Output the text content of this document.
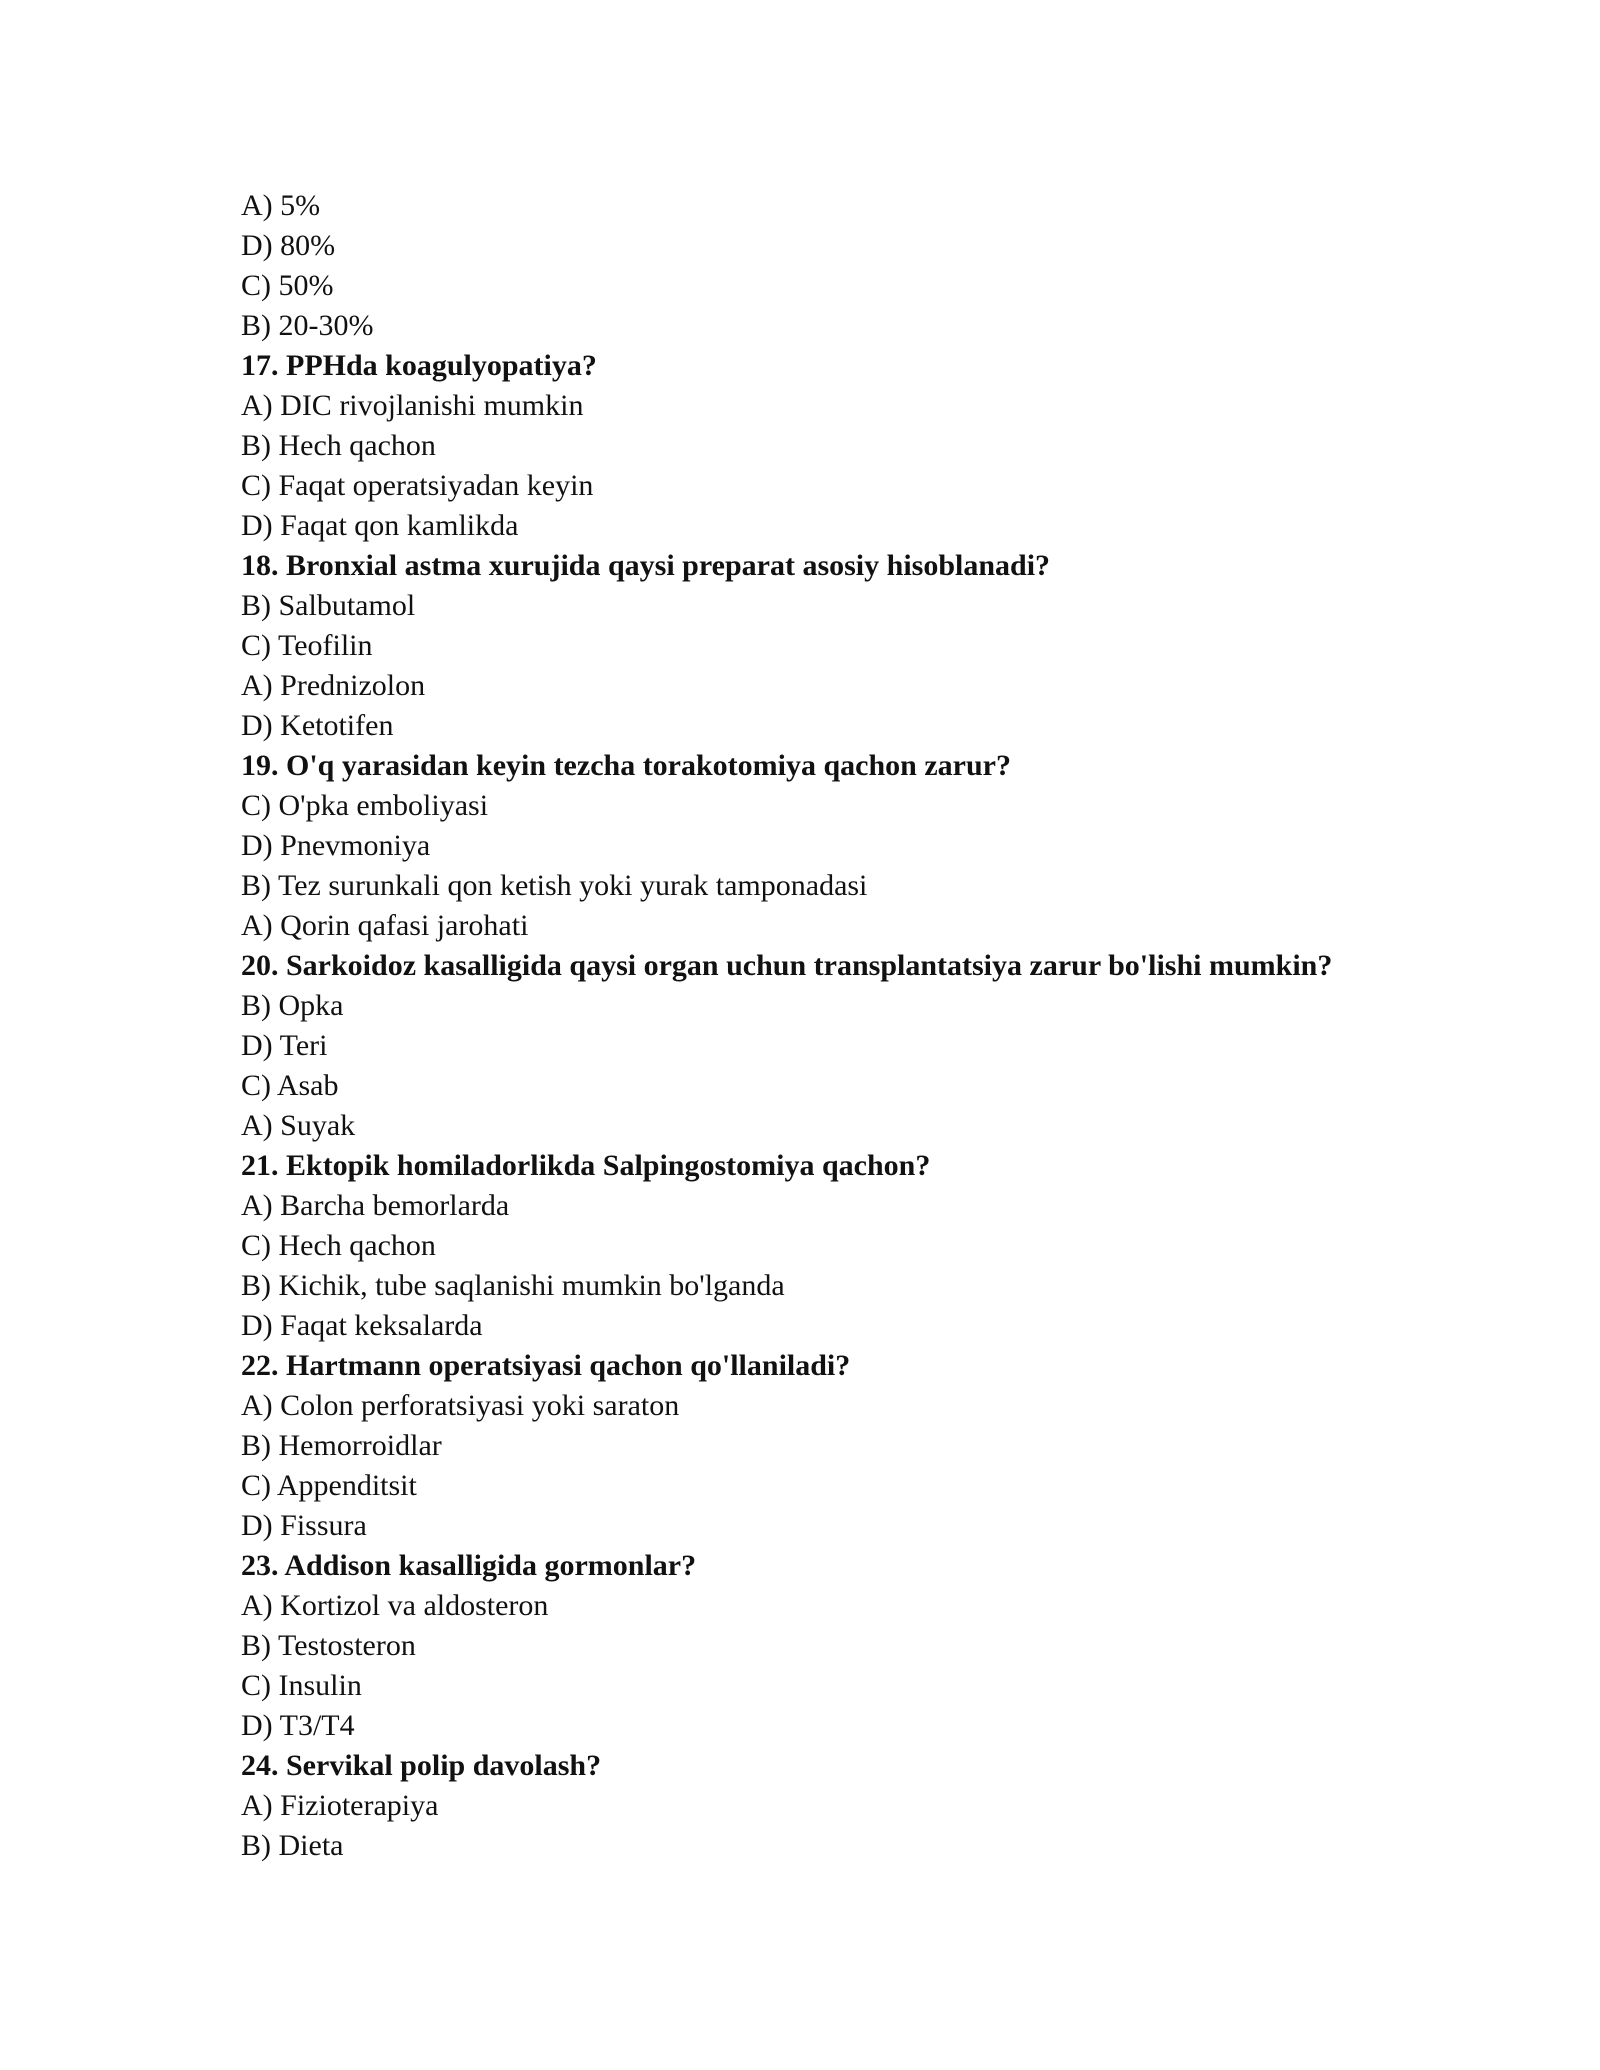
A) 5%
D) 80%
C) 50%
B) 20-30%
17. PPHda koagulyopatiya?
A) DIC rivojlanishi mumkin
B) Hech qachon
C) Faqat operatsiyadan keyin
D) Faqat qon kamlikda
18. Bronxial astma xurujida qaysi preparat asosiy hisoblanadi?
B) Salbutamol
C) Teofilin
A) Prednizolon
D) Ketotifen
19. O'q yarasidan keyin tezcha torakotomiya qachon zarur?
C) O'pka emboliyasi
D) Pnevmoniya
B) Tez surunkali qon ketish yoki yurak tamponadasi
A) Qorin qafasi jarohati
20. Sarkoidoz kasalligida qaysi organ uchun transplantatsiya zarur bo'lishi mumkin?
B) Opka
D) Teri
C) Asab
A) Suyak
21. Ektopik homiladorlikda Salpingostomiya qachon?
A) Barcha bemorlarda
C) Hech qachon
B) Kichik, tube saqlanishi mumkin bo'lganda
D) Faqat keksalarda
22. Hartmann operatsiyasi qachon qo'llaniladi?
A) Colon perforatsiyasi yoki saraton
B) Hemorroidlar
C) Appenditsit
D) Fissura
23. Addison kasalligida gormonlar?
A) Kortizol va aldosteron
B) Testosteron
C) Insulin
D) T3/T4
24. Servikal polip davolash?
A) Fizioterapiya
B) Dieta
